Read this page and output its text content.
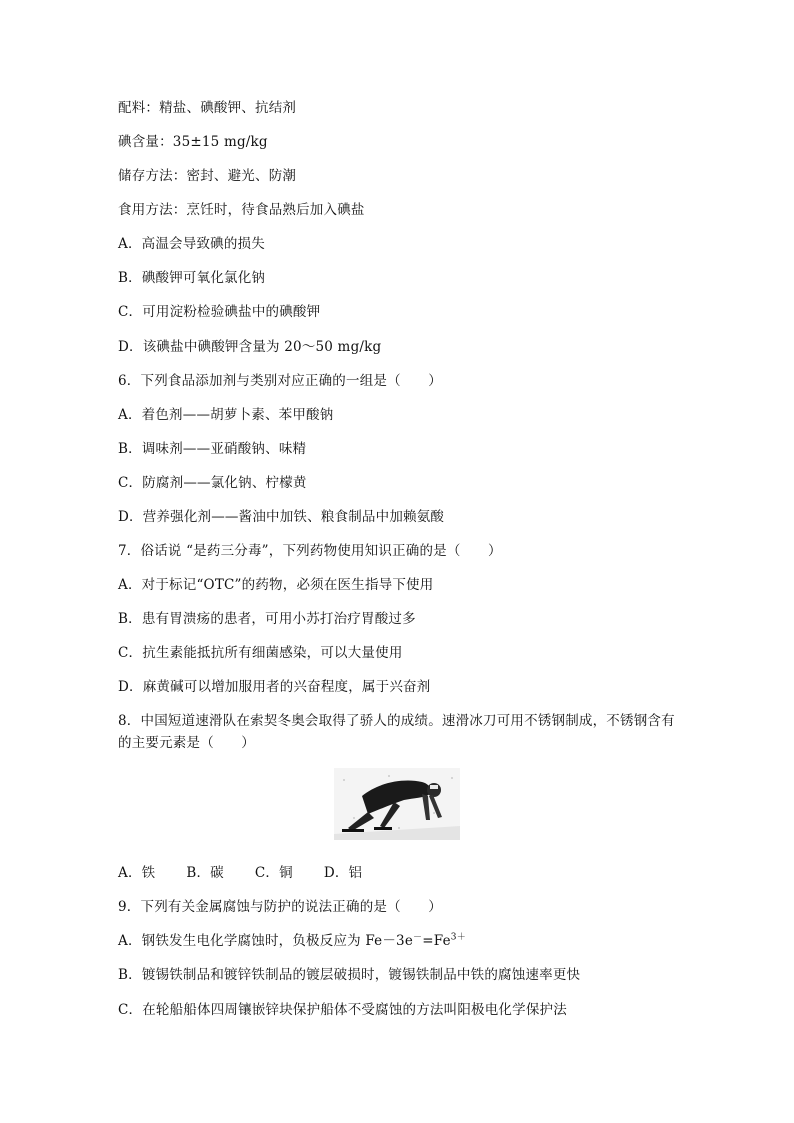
配料：精盐、碘酸钾、抗结剂
碘含量：35±15 mg/kg
储存方法：密封、避光、防潮
食用方法：烹饪时，待食品熟后加入碘盐
A．高温会导致碘的损失
B．碘酸钾可氧化氯化钠
C．可用淀粉检验碘盐中的碘酸钾
D．该碘盐中碘酸钾含量为 20～50 mg/kg
6．下列食品添加剂与类别对应正确的一组是（　　）
A．着色剂——胡萝卜素、苯甲酸钠
B．调味剂——亚硝酸钠、味精
C．防腐剂——氯化钠、柠檬黄
D．营养强化剂——酱油中加铁、粮食制品中加赖氨酸
7．俗话说 “是药三分毒”，下列药物使用知识正确的是（　　）
A．对于标记“OTC”的药物，必须在医生指导下使用
B．患有胃溃疡的患者，可用小苏打治疗胃酸过多
C．抗生素能抵抗所有细菌感染，可以大量使用
D．麻黄碱可以增加服用者的兴奋程度，属于兴奋剂
8．中国短道速滑队在索契冬奥会取得了骄人的成绩。速滑冰刀可用不锈钢制成，不锈钢含有的主要元素是（　　）
A．铁 B．碳 C．铜 D．铝
9．下列有关金属腐蚀与防护的说法正确的是（　　）
A．钢铁发生电化学腐蚀时，负极反应为 $Fe-3e^-=Fe^{3+}$
B．镀锡铁制品和镀锌铁制品的镀层破损时，镀锡铁制品中铁的腐蚀速率更快
C．在轮船船体四周镶嵌锌块保护船体不受腐蚀的方法叫阳极电化学保护法
